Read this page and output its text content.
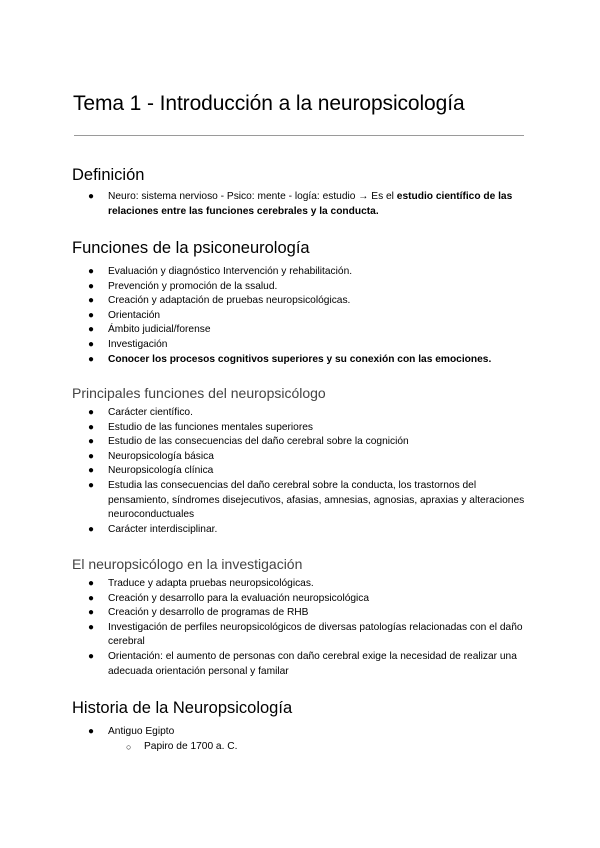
Tema 1 - Introducción a la neuropsicología
Definición
● Neuro: sistema nervioso - Psico: mente - logía: estudio → Es el estudio científico de las relaciones entre las funciones cerebrales y la conducta.
Funciones de la psiconeurología
● Evaluación y diagnóstico Intervención y rehabilitación.
● Prevención y promoción de la ssalud.
● Creación y adaptación de pruebas neuropsicológicas.
● Orientación
● Ámbito judicial/forense
● Investigación
● Conocer los procesos cognitivos superiores y su conexión con las emociones.
Principales funciones del neuropsicólogo
● Carácter científico.
● Estudio de las funciones mentales superiores
● Estudio de las consecuencias del daño cerebral sobre la cognición
● Neuropsicología básica
● Neuropsicología clínica
● Estudia las consecuencias del daño cerebral sobre la conducta, los trastornos del pensamiento, síndromes disejecutivos, afasias, amnesias, agnosias, apraxias y alteraciones neuroconductuales
● Carácter interdisciplinar.
El neuropsicólogo en la investigación
● Traduce y adapta pruebas neuropsicológicas.
● Creación y desarrollo para la evaluación neuropsicológica
● Creación y desarrollo de programas de RHB
● Investigación de perfiles neuropsicológicos de diversas patologías relacionadas con el daño cerebral
● Orientación: el aumento de personas con daño cerebral exige la necesidad de realizar una adecuada orientación personal y familar
Historia de la Neuropsicología
● Antiguo Egipto
○ Papiro de 1700 a. C.
